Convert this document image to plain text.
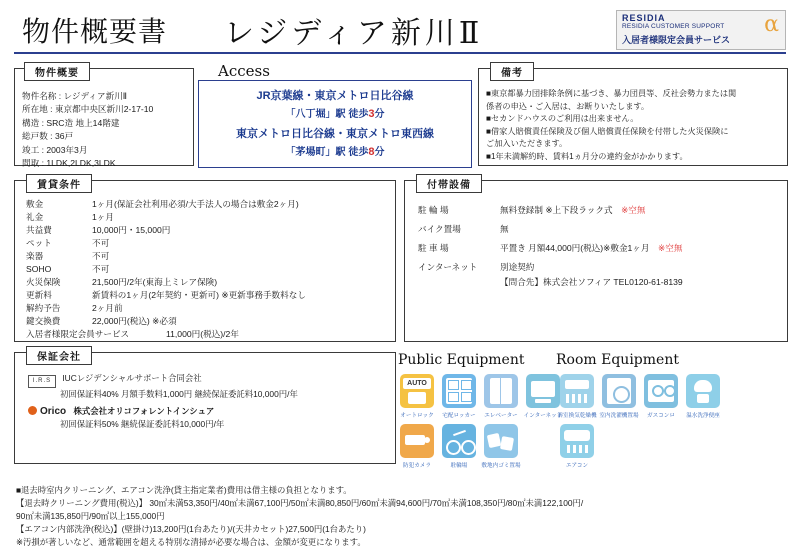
物件概要書 レジディア新川Ⅱ	RESIDIA
RESIDIA CUSTOMER SUPPORT
入居者様限定会員サービス
α
物件概要
物件名称 : レジディア新川Ⅱ
所在地 : 東京都中央区新川2-17-10
構造 : SRC造 地上14階建
総戸数 : 36戸
竣工 : 2003年3月
間取 : 1LDK,2LDK,3LDK
Access
JR京葉線・東京メトロ日比谷線
「八丁堀」駅 徒歩3分
東京メトロ日比谷線・東京メトロ東西線
「茅場町」駅 徒歩8分
備考
■東京都暴力団排除条例に基づき、暴力団員等、反社会勢力または関
係者の申込・ご入居は、お断りいたします。
■セカンドハウスのご利用は出来ません。
■借家人賠償責任保険及び個人賠償責任保険を付帯した火災保険に
ご加入いただきます。
■1年未満解約時、賃料1ヵ月分の違約金がかかります。
賃貸条件
敷金	1ヶ月(保証会社利用必須/大手法人の場合は敷金2ヶ月)
礼金	1ヶ月
共益費	10,000円・15,000円
ペット	不可
楽器	不可
SOHO	不可
火災保険	21,500円/2年(東海上ミレア保険)
更新料	新賃料の1ヶ月(2年契約・更新可) ※更新事務手数料なし
解約予告	2ヶ月前
鍵交換費	22,000円(税込) ※必須
入居者様限定会員サービス	11,000円(税込)/2年
付帯設備
駐 輪 場	無料登録制 ※上下段ラック式 ※空無
バイク置場	無
駐 車 場	平置き 月額44,000円(税込)※敷金1ヶ月 ※空無
インターネット	別途契約
【問合先】株式会社ソフィア TEL0120-61-8139
保証会社
I.R.S IUCレジデンシャルサポート合同会社
初回保証料40% 月額手数料1,000円 継続保証委託料10,000円/年
Orico 株式会社オリコフォレントインシュア
初回保証料50% 継続保証委託料10,000円/年
Public Equipment Room Equipment
AUTO
オートロック	宅配ロッカー	エレベーター	インターネット
防犯カメラ	駐輪場	敷地内ゴミ置場
浴室換気乾燥機 室内洗濯機置場	ガスコンロ	温水洗浄便座
エアコン
■退去時室内クリーニング、エアコン洗浄(貸主指定業者)費用は借主様の負担となります。
【退去時クリーニング費用(税込)】 30㎡未満53,350円/40㎡未満67,100円/50㎡未満80,850円/60㎡未満94,600円/70㎡未満108,350円/80㎡未満122,100円/
90㎡未満135,850円/90㎡以上155,000円
【エアコン内部洗浄(税込)】(壁掛け)13,200円(1台あたり)/(天井カセット)27,500円(1台あたり)
※汚損が著しいなど、通常範囲を超える特別な清掃が必要な場合は、金額が変更になります。
